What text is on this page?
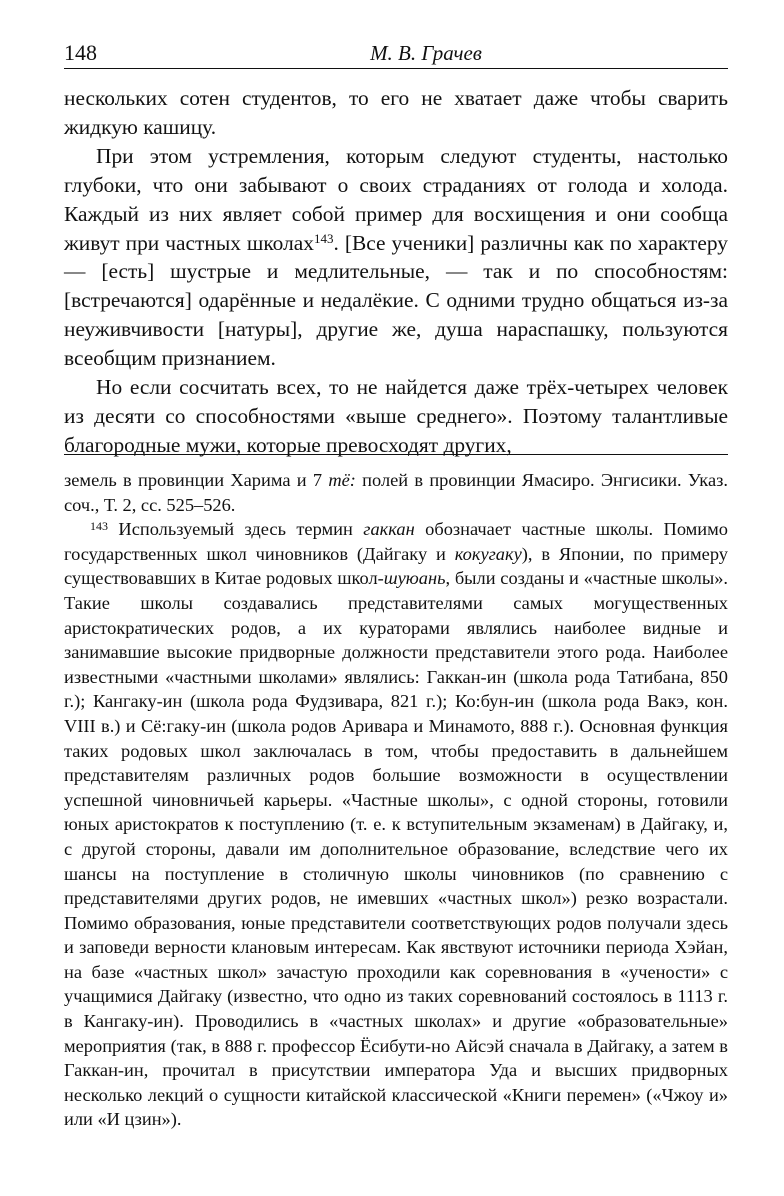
148	М. В. Грачев

нескольких сотен студентов, то его не хватает даже чтобы сварить жидкую кашицу.

При этом устремления, которым следуют студенты, настолько глубоки, что они забывают о своих страданиях от голода и холода. Каждый из них являет собой пример для восхищения и они сообща живут при частных школах$^{143}$. [Все ученики] различны как по характеру — [есть] шустрые и медлительные, — так и по способностям: [встречаются] одарённые и недалёкие. С одними трудно общаться из-за неуживчивости [натуры], другие же, душа нараспашку, пользуются всеобщим признанием.

Но если сосчитать всех, то не найдется даже трёх-четырех человек из десяти со способностями «выше среднего». Поэтому талантливые благородные мужи, которые превосходят других,

земель в провинции Харима и 7 тё: полей в провинции Ямасиро. Энгисики. Указ. соч., Т. 2, сс. 525–526.

$^{143}$ Используемый здесь термин гаккан обозначает частные школы. Помимо государственных школ чиновников (Дайгаку и кокугаку), в Японии, по примеру существовавших в Китае родовых школ-шуюань, были созданы и «частные школы». Такие школы создавались представителями самых могущественных аристократических родов, а их кураторами являлись наиболее видные и занимавшие высокие придворные должности представители этого рода. Наиболее известными «частными школами» являлись: Гаккан-ин (школа рода Татибана, 850 г.); Кангаку-ин (школа рода Фудзивара, 821 г.); Ко:бун-ин (школа рода Вакэ, кон. VIII в.) и Сё:гаку-ин (школа родов Аривара и Минамото, 888 г.). Основная функция таких родовых школ заключалась в том, чтобы предоставить в дальнейшем представителям различных родов большие возможности в осуществлении успешной чиновничьей карьеры. «Частные школы», с одной стороны, готовили юных аристократов к поступлению (т. е. к вступительным экзаменам) в Дайгаку, и, с другой стороны, давали им дополнительное образование, вследствие чего их шансы на поступление в столичную школы чиновников (по сравнению с представителями других родов, не имевших «частных школ») резко возрастали. Помимо образования, юные представители соответствующих родов получали здесь и заповеди верности клановым интересам. Как явствуют источники периода Хэйан, на базе «частных школ» зачастую проходили как соревнования в «учености» с учащимися Дайгаку (известно, что одно из таких соревнований состоялось в 1113 г. в Кангаку-ин). Проводились в «частных школах» и другие «образовательные» мероприятия (так, в 888 г. профессор Ёсибути-но Айсэй сначала в Дайгаку, а затем в Гаккан-ин, прочитал в присутствии императора Уда и высших придворных несколько лекций о сущности китайской классической «Книги перемен» («Чжоу и» или «И цзин»).
